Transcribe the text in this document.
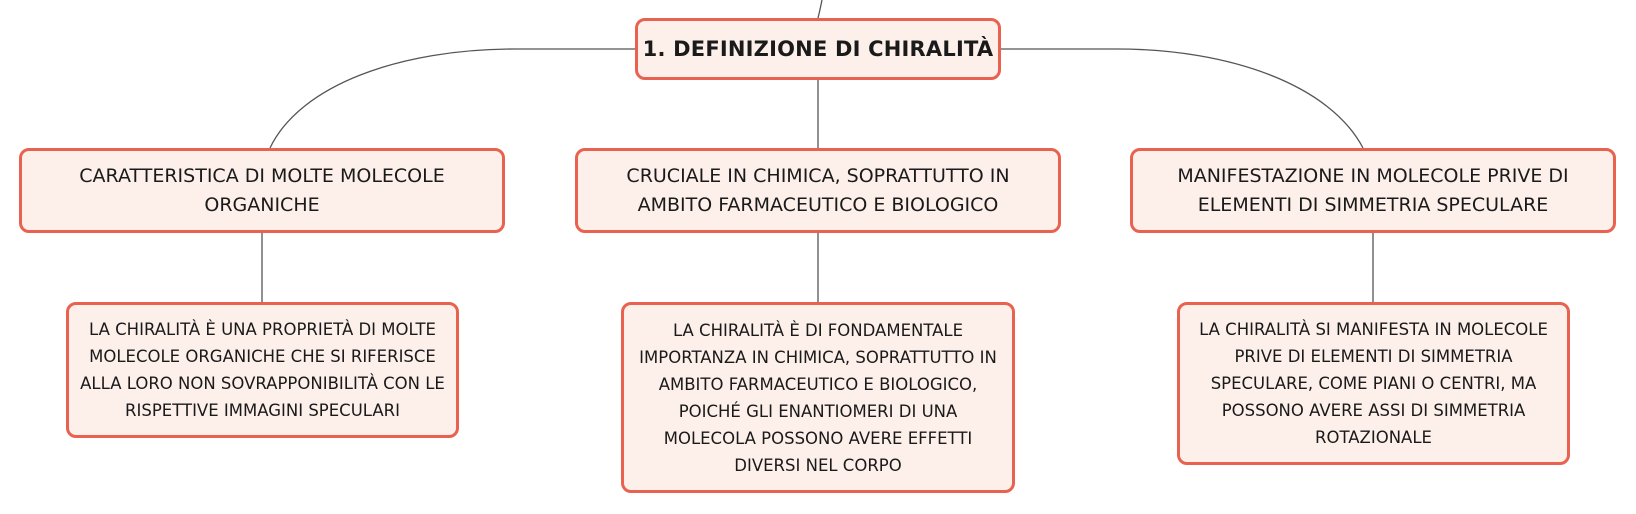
1. DEFINIZIONE DI CHIRALITÀ
CARATTERISTICA DI MOLTE MOLECOLE ORGANICHE
CRUCIALE IN CHIMICA, SOPRATTUTTO IN AMBITO FARMACEUTICO E BIOLOGICO
MANIFESTAZIONE IN MOLECOLE PRIVE DI ELEMENTI DI SIMMETRIA SPECULARE
LA CHIRALITÀ È UNA PROPRIETÀ DI MOLTE MOLECOLE ORGANICHE CHE SI RIFERISCE ALLA LORO NON SOVRAPPONIBILITÀ CON LE RISPETTIVE IMMAGINI SPECULARI
LA CHIRALITÀ È DI FONDAMENTALE IMPORTANZA IN CHIMICA, SOPRATTUTTO IN AMBITO FARMACEUTICO E BIOLOGICO, POICHÉ GLI ENANTIOMERI DI UNA MOLECOLA POSSONO AVERE EFFETTI DIVERSI NEL CORPO
LA CHIRALITÀ SI MANIFESTA IN MOLECOLE PRIVE DI ELEMENTI DI SIMMETRIA SPECULARE, COME PIANI O CENTRI, MA POSSONO AVERE ASSI DI SIMMETRIA ROTAZIONALE
